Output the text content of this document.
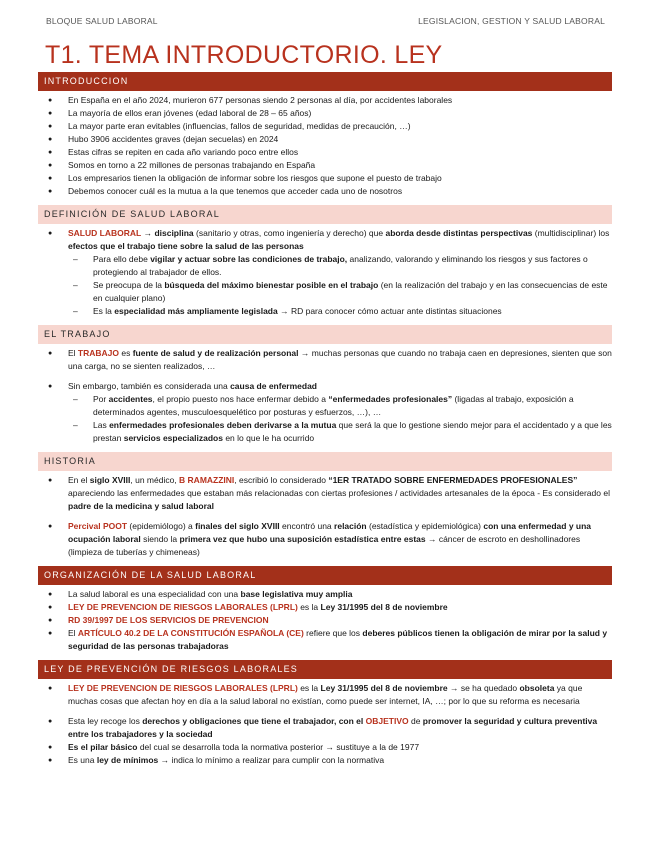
BLOQUE SALUD LABORAL	LEGISLACION, GESTION Y SALUD LABORAL
T1. TEMA INTRODUCTORIO. LEY
INTRODUCCION
● En España en el año 2024, murieron 677 personas siendo 2 personas al día, por accidentes laborales
● La mayoría de ellos eran jóvenes (edad laboral de 28 – 65 años)
● La mayor parte eran evitables (influencias, fallos de seguridad, medidas de precaución, …)
● Hubo 3906 accidentes graves (dejan secuelas) en 2024
● Estas cifras se repiten en cada año variando poco entre ellos
● Somos en torno a 22 millones de personas trabajando en España
● Los empresarios tienen la obligación de informar sobre los riesgos que supone el puesto de trabajo
● Debemos conocer cuál es la mutua a la que tenemos que acceder cada uno de nosotros
DEFINICIÓN DE SALUD LABORAL
● SALUD LABORAL → disciplina (sanitario y otras, como ingeniería y derecho) que aborda desde distintas perspectivas (multidisciplinar) los efectos que el trabajo tiene sobre la salud de las personas
– Para ello debe vigilar y actuar sobre las condiciones de trabajo, analizando, valorando y eliminando los riesgos y sus factores o protegiendo al trabajador de ellos.
– Se preocupa de la búsqueda del máximo bienestar posible en el trabajo (en la realización del trabajo y en las consecuencias de este en cualquier plano)
– Es la especialidad más ampliamente legislada → RD para conocer cómo actuar ante distintas situaciones
EL TRABAJO
● El TRABAJO es fuente de salud y de realización personal → muchas personas que cuando no trabaja caen en depresiones, sienten que son una carga, no se sienten realizados, …
● Sin embargo, también es considerada una causa de enfermedad
– Por accidentes, el propio puesto nos hace enfermar debido a “enfermedades profesionales” (ligadas al trabajo, exposición a determinados agentes, musculoesquelético por posturas y esfuerzos, …), …
– Las enfermedades profesionales deben derivarse a la mutua que será la que lo gestione siendo mejor para el accidentado y a que les prestan servicios especializados en lo que le ha ocurrido
HISTORIA
● En el siglo XVIII, un médico, B RAMAZZINI, escribió lo considerado “1ER TRATADO SOBRE ENFERMEDADES PROFESIONALES” apareciendo las enfermedades que estaban más relacionadas con ciertas profesiones / actividades artesanales de la época - Es considerado el padre de la medicina y salud laboral
● Percival POOT (epidemiólogo) a finales del siglo XVIII encontró una relación (estadística y epidemiológica) con una enfermedad y una ocupación laboral siendo la primera vez que hubo una suposición estadística entre estas → cáncer de escroto en deshollinadores (limpieza de tuberías y chimeneas)
ORGANIZACIÓN DE LA SALUD LABORAL
● La salud laboral es una especialidad con una base legislativa muy amplia
● LEY DE PREVENCION DE RIESGOS LABORALES (LPRL) es la Ley 31/1995 del 8 de noviembre
● RD 39/1997 DE LOS SERVICIOS DE PREVENCION
● El ARTÍCULO 40.2 DE LA CONSTITUCIÓN ESPAÑOLA (CE) refiere que los deberes públicos tienen la obligación de mirar por la salud y seguridad de las personas trabajadoras
LEY DE PREVENCIÓN DE RIESGOS LABORALES
● LEY DE PREVENCION DE RIESGOS LABORALES (LPRL) es la Ley 31/1995 del 8 de noviembre → se ha quedado obsoleta ya que muchas cosas que afectan hoy en día a la salud laboral no existían, como puede ser internet, IA, …; por lo que su reforma es necesaria
● Esta ley recoge los derechos y obligaciones que tiene el trabajador, con el OBJETIVO de promover la seguridad y cultura preventiva entre los trabajadores y la sociedad
● Es el pilar básico del cual se desarrolla toda la normativa posterior → sustituye a la de 1977
● Es una ley de mínimos → indica lo mínimo a realizar para cumplir con la normativa
